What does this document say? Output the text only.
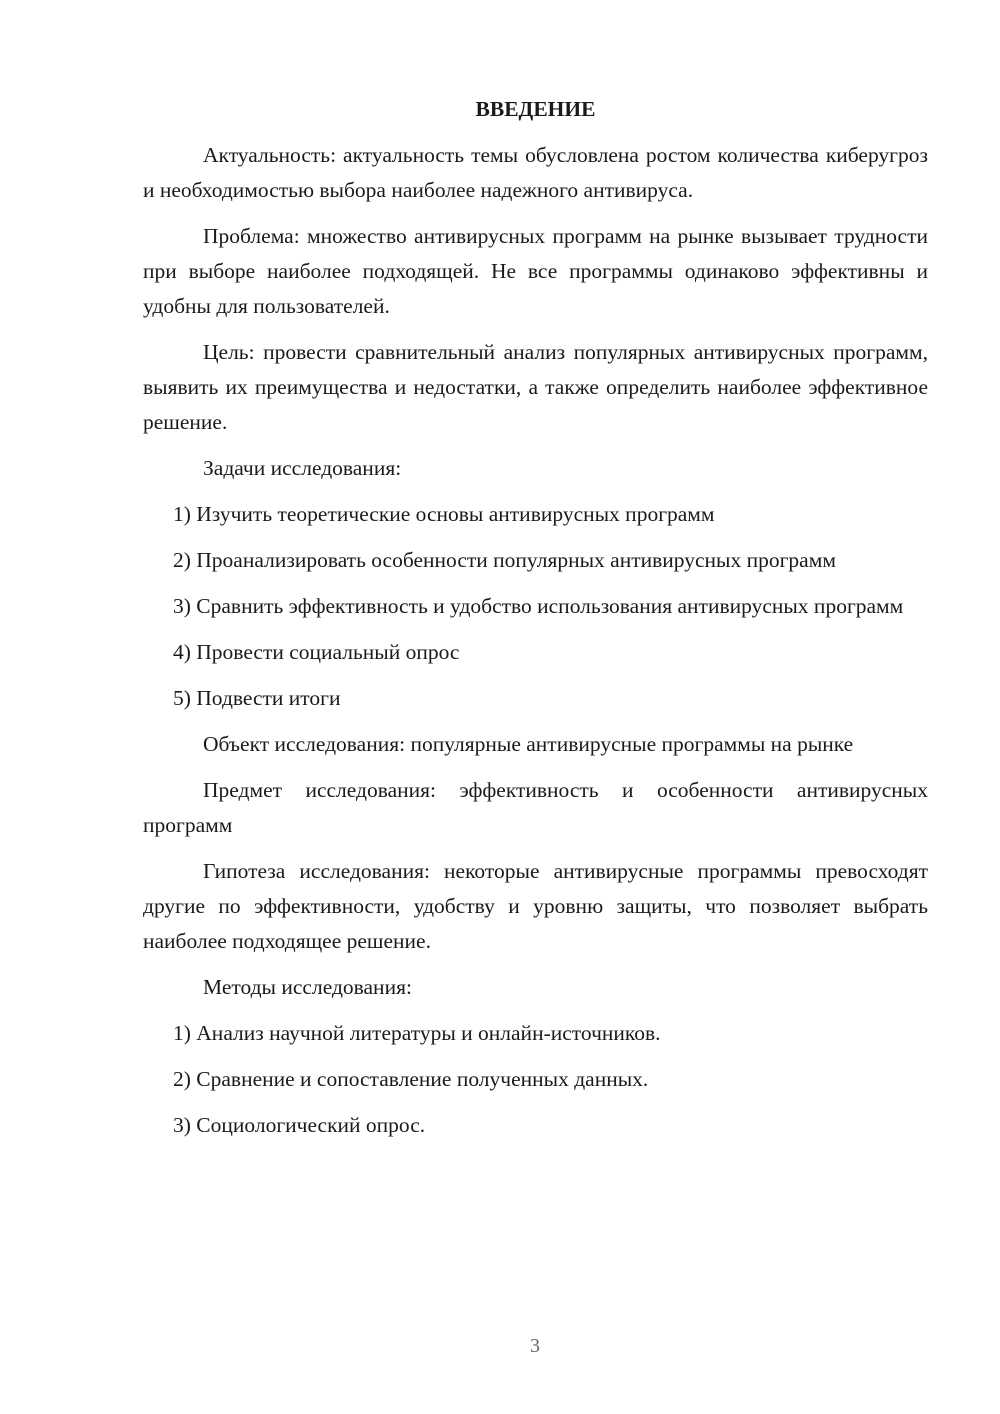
ВВЕДЕНИЕ
Актуальность: актуальность темы обусловлена ростом количества киберугроз и необходимостью выбора наиболее надежного антивируса.
Проблема: множество антивирусных программ на рынке вызывает трудности при выборе наиболее подходящей. Не все программы одинаково эффективны и удобны для пользователей.
Цель: провести сравнительный анализ популярных антивирусных программ, выявить их преимущества и недостатки, а также определить наиболее эффективное решение.
Задачи исследования:
1) Изучить теоретические основы антивирусных программ
2) Проанализировать особенности популярных антивирусных программ
3) Сравнить эффективность и удобство использования антивирусных программ
4) Провести социальный опрос
5) Подвести итоги
Объект исследования: популярные антивирусные программы на рынке
Предмет исследования: эффективность и особенности антивирусных программ
Гипотеза исследования: некоторые антивирусные программы превосходят другие по эффективности, удобству и уровню защиты, что позволяет выбрать наиболее подходящее решение.
Методы исследования:
1) Анализ научной литературы и онлайн-источников.
2) Сравнение и сопоставление полученных данных.
3) Социологический опрос.
3
